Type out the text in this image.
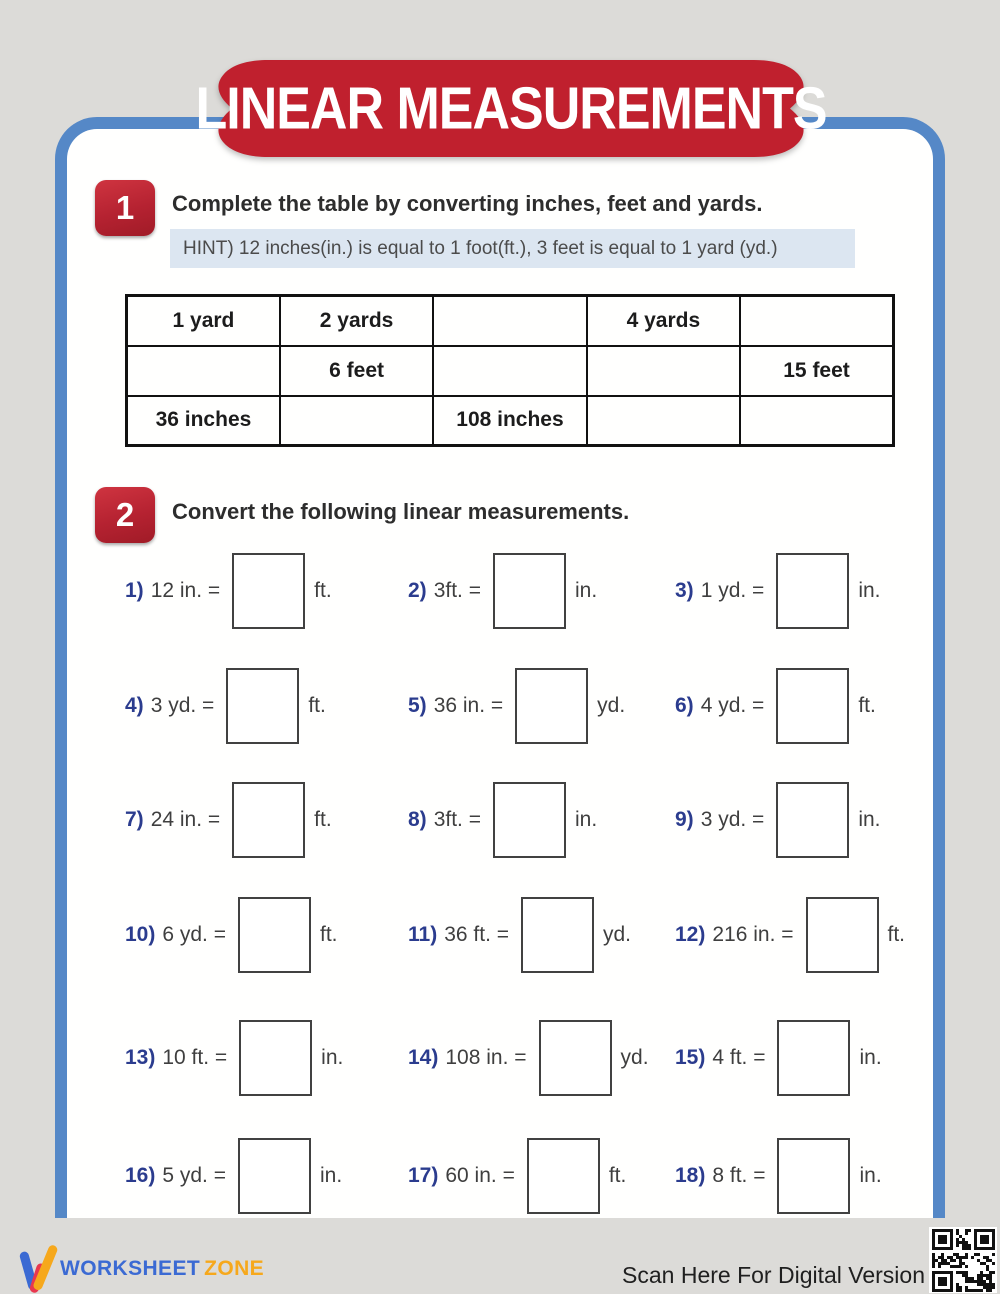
LINEAR MEASUREMENTS
1 Complete the table by converting inches, feet and yards.
HINT) 12 inches(in.) is equal to 1 foot(ft.), 3 feet is equal to 1 yard (yd.)
1 yard	2 yards		4 yards	
	6 feet			15 feet
36 inches		108 inches		
2 Convert the following linear measurements.
1) 12 in. =	ft.	2) 3ft. =	in.	3) 1 yd. =	in.
4) 3 yd. =	ft.	5) 36 in. =	yd. 6) 4 yd. =	ft.
7) 24 in. =	ft.	8) 3ft. =	in.	9) 3 yd. =	in.
10) 6 yd. =	ft.	11) 36 ft. =	yd. 12) 216 in. =	ft.
13) 10 ft. =	in.	14) 108 in. =	yd. 15) 4 ft. =	in.
16) 5 yd. =	in.	17) 60 in. =	ft. 18) 8 ft. =	in.
WORKSHEET ZONE	Scan Here For Digital Version
